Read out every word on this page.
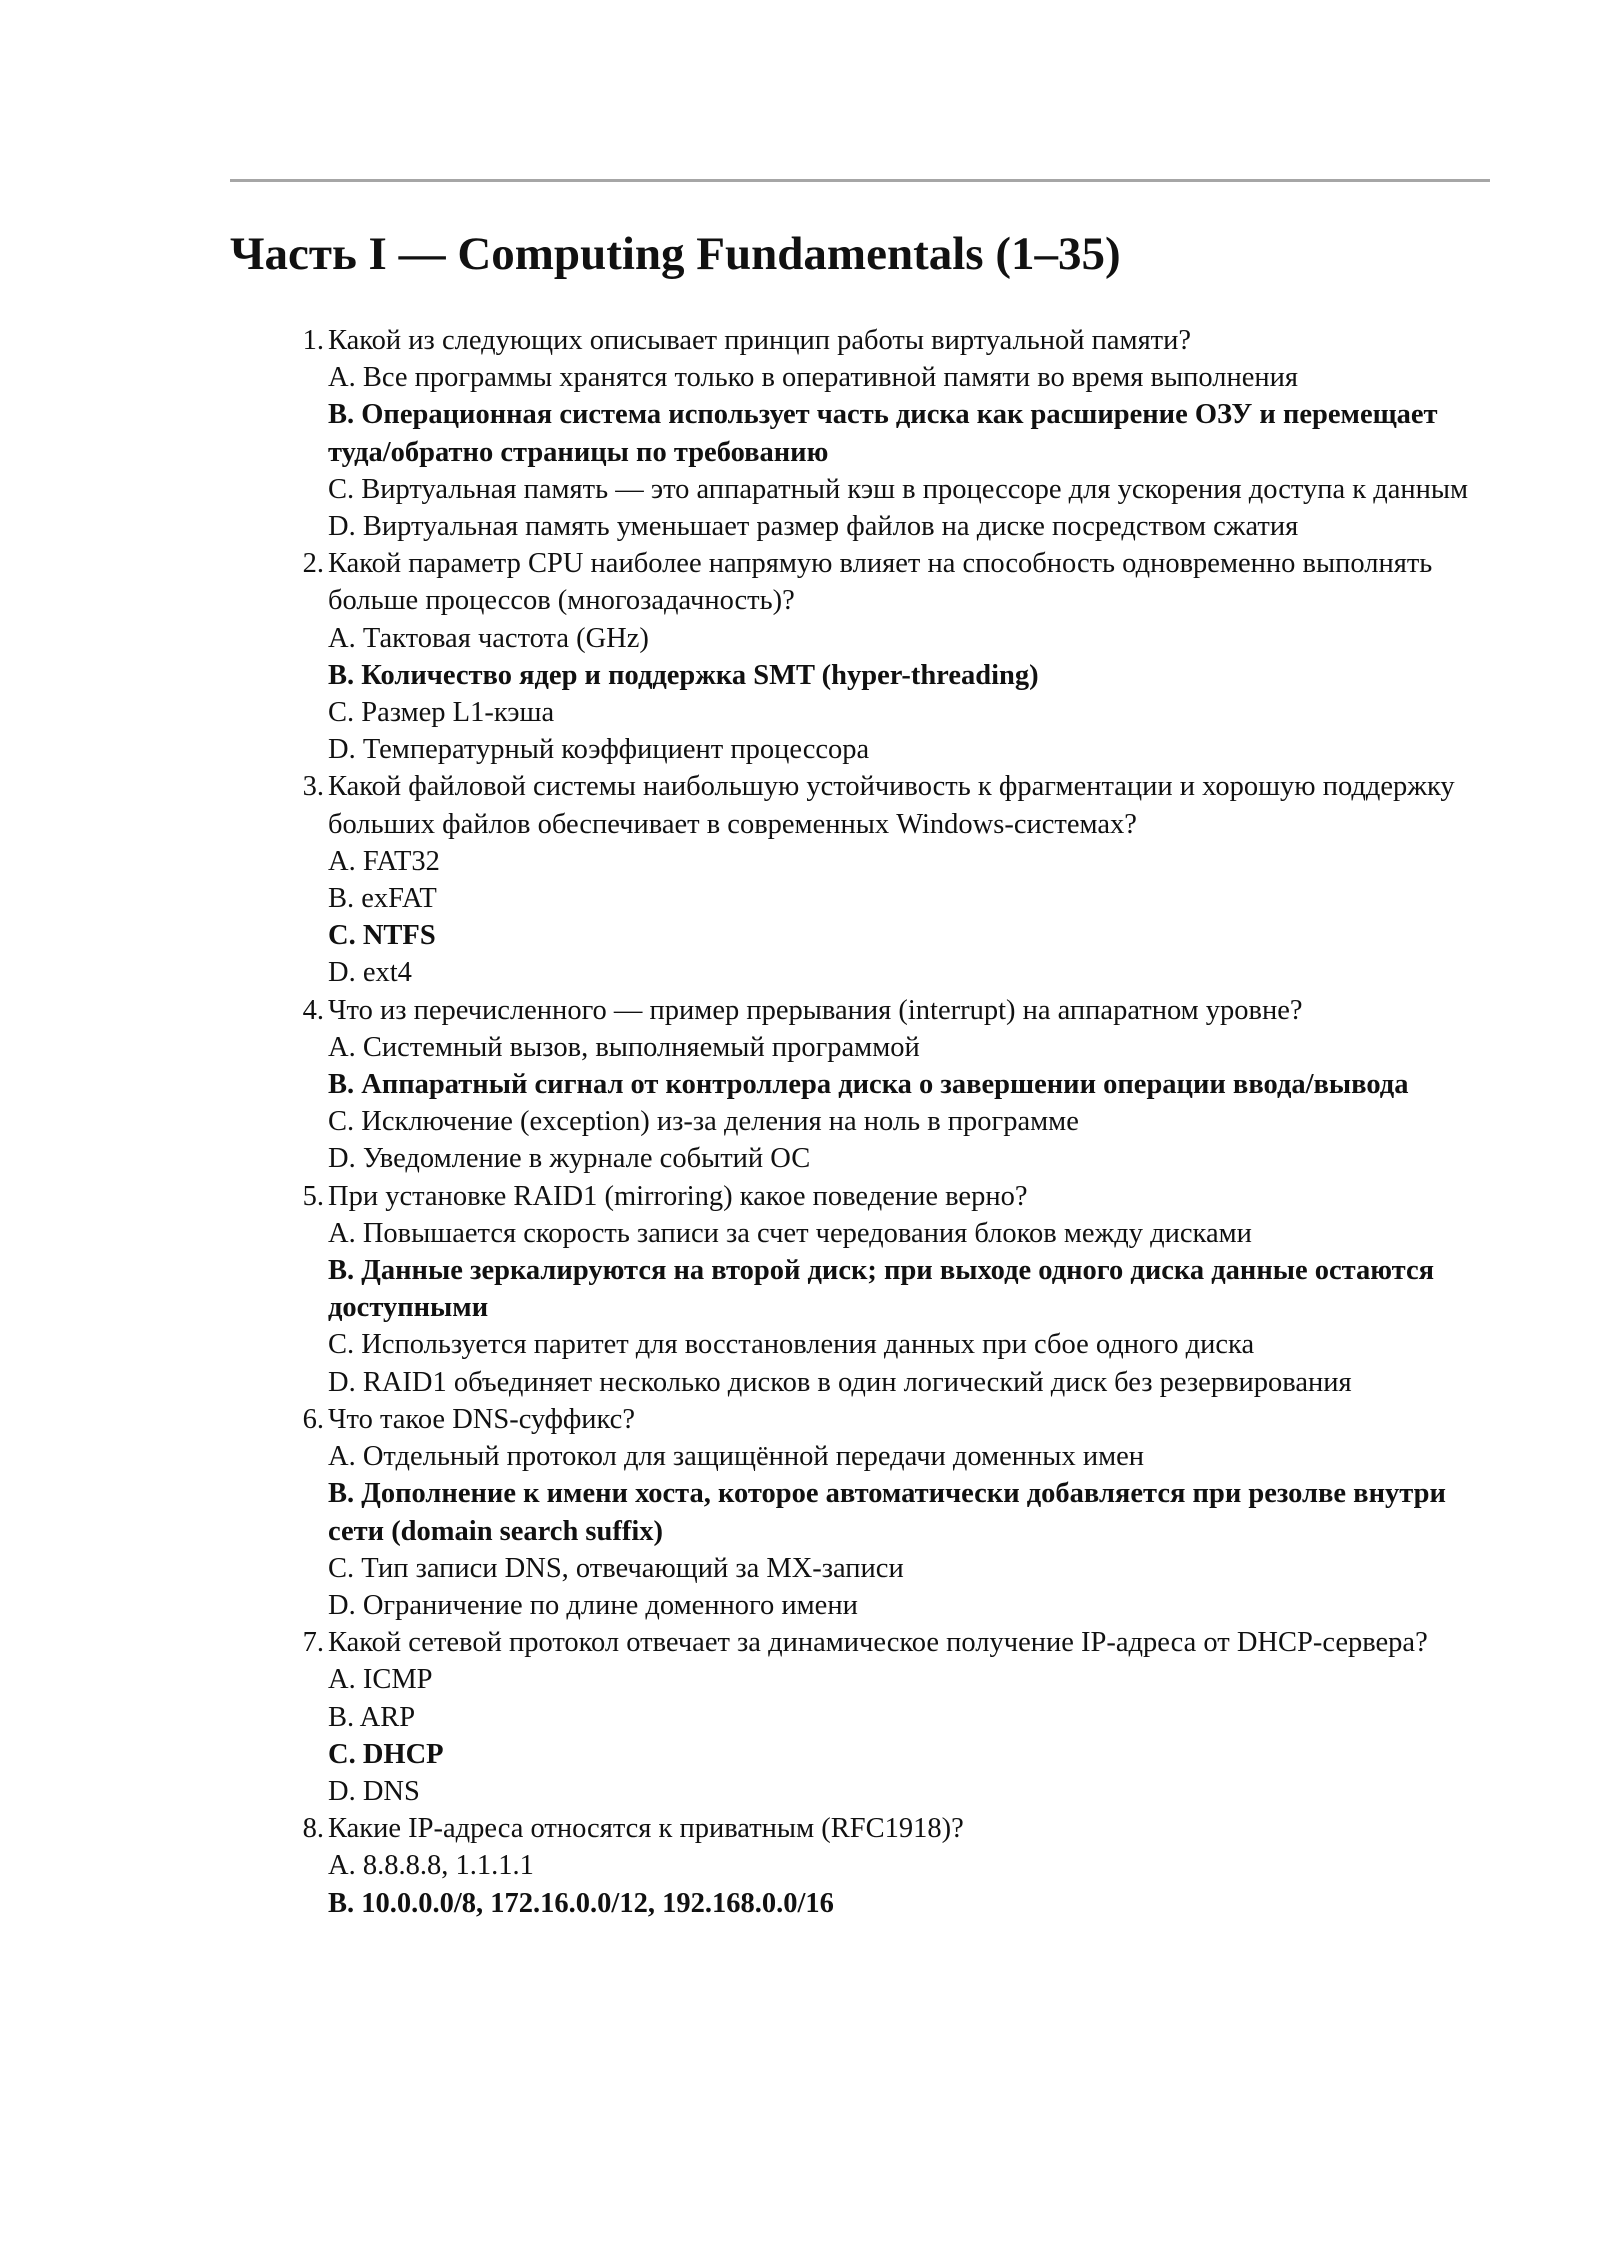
Часть I — Computing Fundamentals (1–35)
1. Какой из следующих описывает принцип работы виртуальной памяти?
A. Все программы хранятся только в оперативной памяти во время выполнения
B. Операционная система использует часть диска как расширение ОЗУ и перемещает туда/обратно страницы по требованию
C. Виртуальная память — это аппаратный кэш в процессоре для ускорения доступа к данным
D. Виртуальная память уменьшает размер файлов на диске посредством сжатия
2. Какой параметр CPU наиболее напрямую влияет на способность одновременно выполнять больше процессов (многозадачность)?
A. Тактовая частота (GHz)
B. Количество ядер и поддержка SMT (hyper-threading)
C. Размер L1-кэша
D. Температурный коэффициент процессора
3. Какой файловой системы наибольшую устойчивость к фрагментации и хорошую поддержку больших файлов обеспечивает в современных Windows-системах?
A. FAT32
B. exFAT
C. NTFS
D. ext4
4. Что из перечисленного — пример прерывания (interrupt) на аппаратном уровне?
A. Системный вызов, выполняемый программой
B. Аппаратный сигнал от контроллера диска о завершении операции ввода/вывода
C. Исключение (exception) из-за деления на ноль в программе
D. Уведомление в журнале событий ОС
5. При установке RAID1 (mirroring) какое поведение верно?
A. Повышается скорость записи за счет чередования блоков между дисками
B. Данные зеркалируются на второй диск; при выходе одного диска данные остаются доступными
C. Используется паритет для восстановления данных при сбое одного диска
D. RAID1 объединяет несколько дисков в один логический диск без резервирования
6. Что такое DNS-суффикс?
A. Отдельный протокол для защищённой передачи доменных имен
B. Дополнение к имени хоста, которое автоматически добавляется при резолве внутри сети (domain search suffix)
C. Тип записи DNS, отвечающий за MX-записи
D. Ограничение по длине доменного имени
7. Какой сетевой протокол отвечает за динамическое получение IP-адреса от DHCP-сервера?
A. ICMP
B. ARP
C. DHCP
D. DNS
8. Какие IP-адреса относятся к приватным (RFC1918)?
A. 8.8.8.8, 1.1.1.1
B. 10.0.0.0/8, 172.16.0.0/12, 192.168.0.0/16
